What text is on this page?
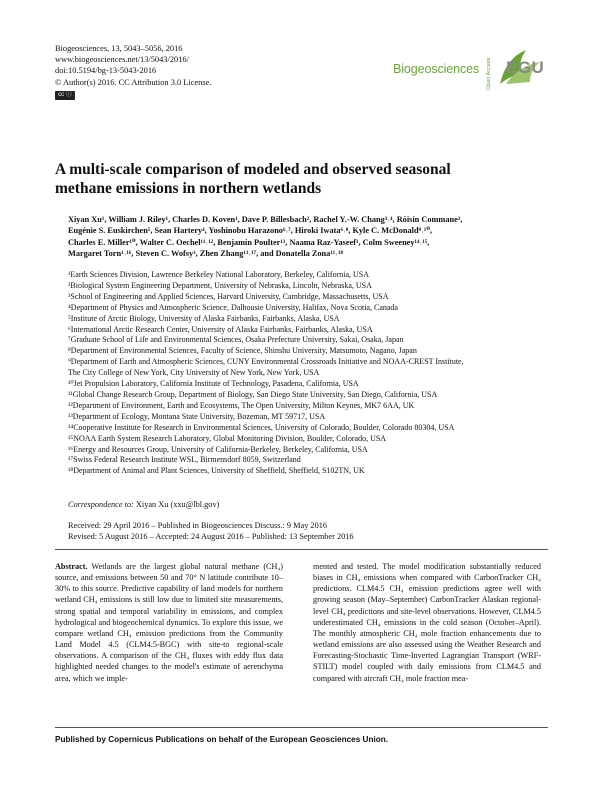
Biogeosciences, 13, 5043–5056, 2016
www.biogeosciences.net/13/5043/2016/
doi:10.5194/bg-13-5043-2016
© Author(s) 2016. CC Attribution 3.0 License.
cc ⓘ
Biogeosciences Open Access EGU
A multi-scale comparison of modeled and observed seasonal
methane emissions in northern wetlands
Xiyan Xu¹, William J. Riley¹, Charles D. Koven¹, Dave P. Billesbach², Rachel Y.-W. Chang³˒⁴, Róisín Commane³,
Eugénie S. Euskirchen⁵, Sean Hartery⁴, Yoshinobu Harazono⁶˒⁷, Hiroki Iwata⁶˒⁸, Kyle C. McDonald⁹˒¹⁰,
Charles E. Miller¹⁰, Walter C. Oechel¹¹˒¹², Benjamin Poulter¹³, Naama Raz-Yaseef¹, Colm Sweeney¹⁴˒¹⁵,
Margaret Torn¹˒¹⁶, Steven C. Wofsy³, Zhen Zhang¹³˒¹⁷, and Donatella Zona¹¹˒¹⁸
¹Earth Sciences Division, Lawrence Berkeley National Laboratory, Berkeley, California, USA
²Biological System Engineering Department, University of Nebraska, Lincoln, Nebraska, USA
³School of Engineering and Applied Sciences, Harvard University, Cambridge, Massachusetts, USA
⁴Department of Physics and Atmospheric Science, Dalhousie University, Halifax, Nova Scotia, Canada
⁵Institute of Arctic Biology, University of Alaska Fairbanks, Fairbanks, Alaska, USA
⁶International Arctic Research Center, University of Alaska Fairbanks, Fairbanks, Alaska, USA
⁷Graduate School of Life and Environmental Sciences, Osaka Prefecture University, Sakai, Osaka, Japan
⁸Department of Environmental Sciences, Faculty of Science, Shinshu University, Matsumoto, Nagano, Japan
⁹Department of Earth and Atmospheric Sciences, CUNY Environmental Crossroads Initiative and NOAA-CREST Institute,
The City College of New York, City University of New York, New York, USA
¹⁰Jet Propulsion Laboratory, California Institute of Technology, Pasadena, California, USA
¹¹Global Change Research Group, Department of Biology, San Diego State University, San Diego, California, USA
¹²Department of Environment, Earth and Ecosystems, The Open University, Milton Keynes, MK7 6AA, UK
¹³Department of Ecology, Montana State University, Bozeman, MT 59717, USA
¹⁴Cooperative Institute for Research in Environmental Sciences, University of Colorado, Boulder, Colorado 80304, USA
¹⁵NOAA Earth System Research Laboratory, Global Monitoring Division, Boulder, Colorado, USA
¹⁶Energy and Resources Group, University of California-Berkeley, Berkeley, California, USA
¹⁷Swiss Federal Research Institute WSL, Birmensdorf 8059, Switzerland
¹⁸Department of Animal and Plant Sciences, University of Sheffield, Sheffield, S102TN, UK
Correspondence to: Xiyan Xu (xxu@lbl.gov)
Received: 29 April 2016 – Published in Biogeosciences Discuss.: 9 May 2016
Revised: 5 August 2016 – Accepted: 24 August 2016 – Published: 13 September 2016
Abstract. Wetlands are the largest global natural methane (CH₄) source, and emissions between 50 and 70° N latitude contribute 10–30% to this source. Predictive capability of land models for northern wetland CH₄ emissions is still low due to limited site measurements, strong spatial and temporal variability in emissions, and complex hydrological and biogeochemical dynamics. To explore this issue, we compare wetland CH₄ emission predictions from the Community Land Model 4.5 (CLM4.5-BGC) with site-to regional-scale observations. A comparison of the CH₄ fluxes with eddy flux data highlighted needed changes to the model's estimate of aerenchyma area, which we imple-
mented and tested. The model modification substantially reduced biases in CH₄ emissions when compared with CarbonTracker CH₄ predictions. CLM4.5 CH₄ emission predictions agree well with growing season (May–September) CarbonTracker Alaskan regional-level CH₄ predictions and site-level observations. However, CLM4.5 underestimated CH₄ emissions in the cold season (October–April). The monthly atmospheric CH₄ mole fraction enhancements due to wetland emissions are also assessed using the Weather Research and Forecasting-Stochastic Time-Inverted Lagrangian Transport (WRF-STILT) model coupled with daily emissions from CLM4.5 and compared with aircraft CH₄ mole fraction mea-
Published by Copernicus Publications on behalf of the European Geosciences Union.
